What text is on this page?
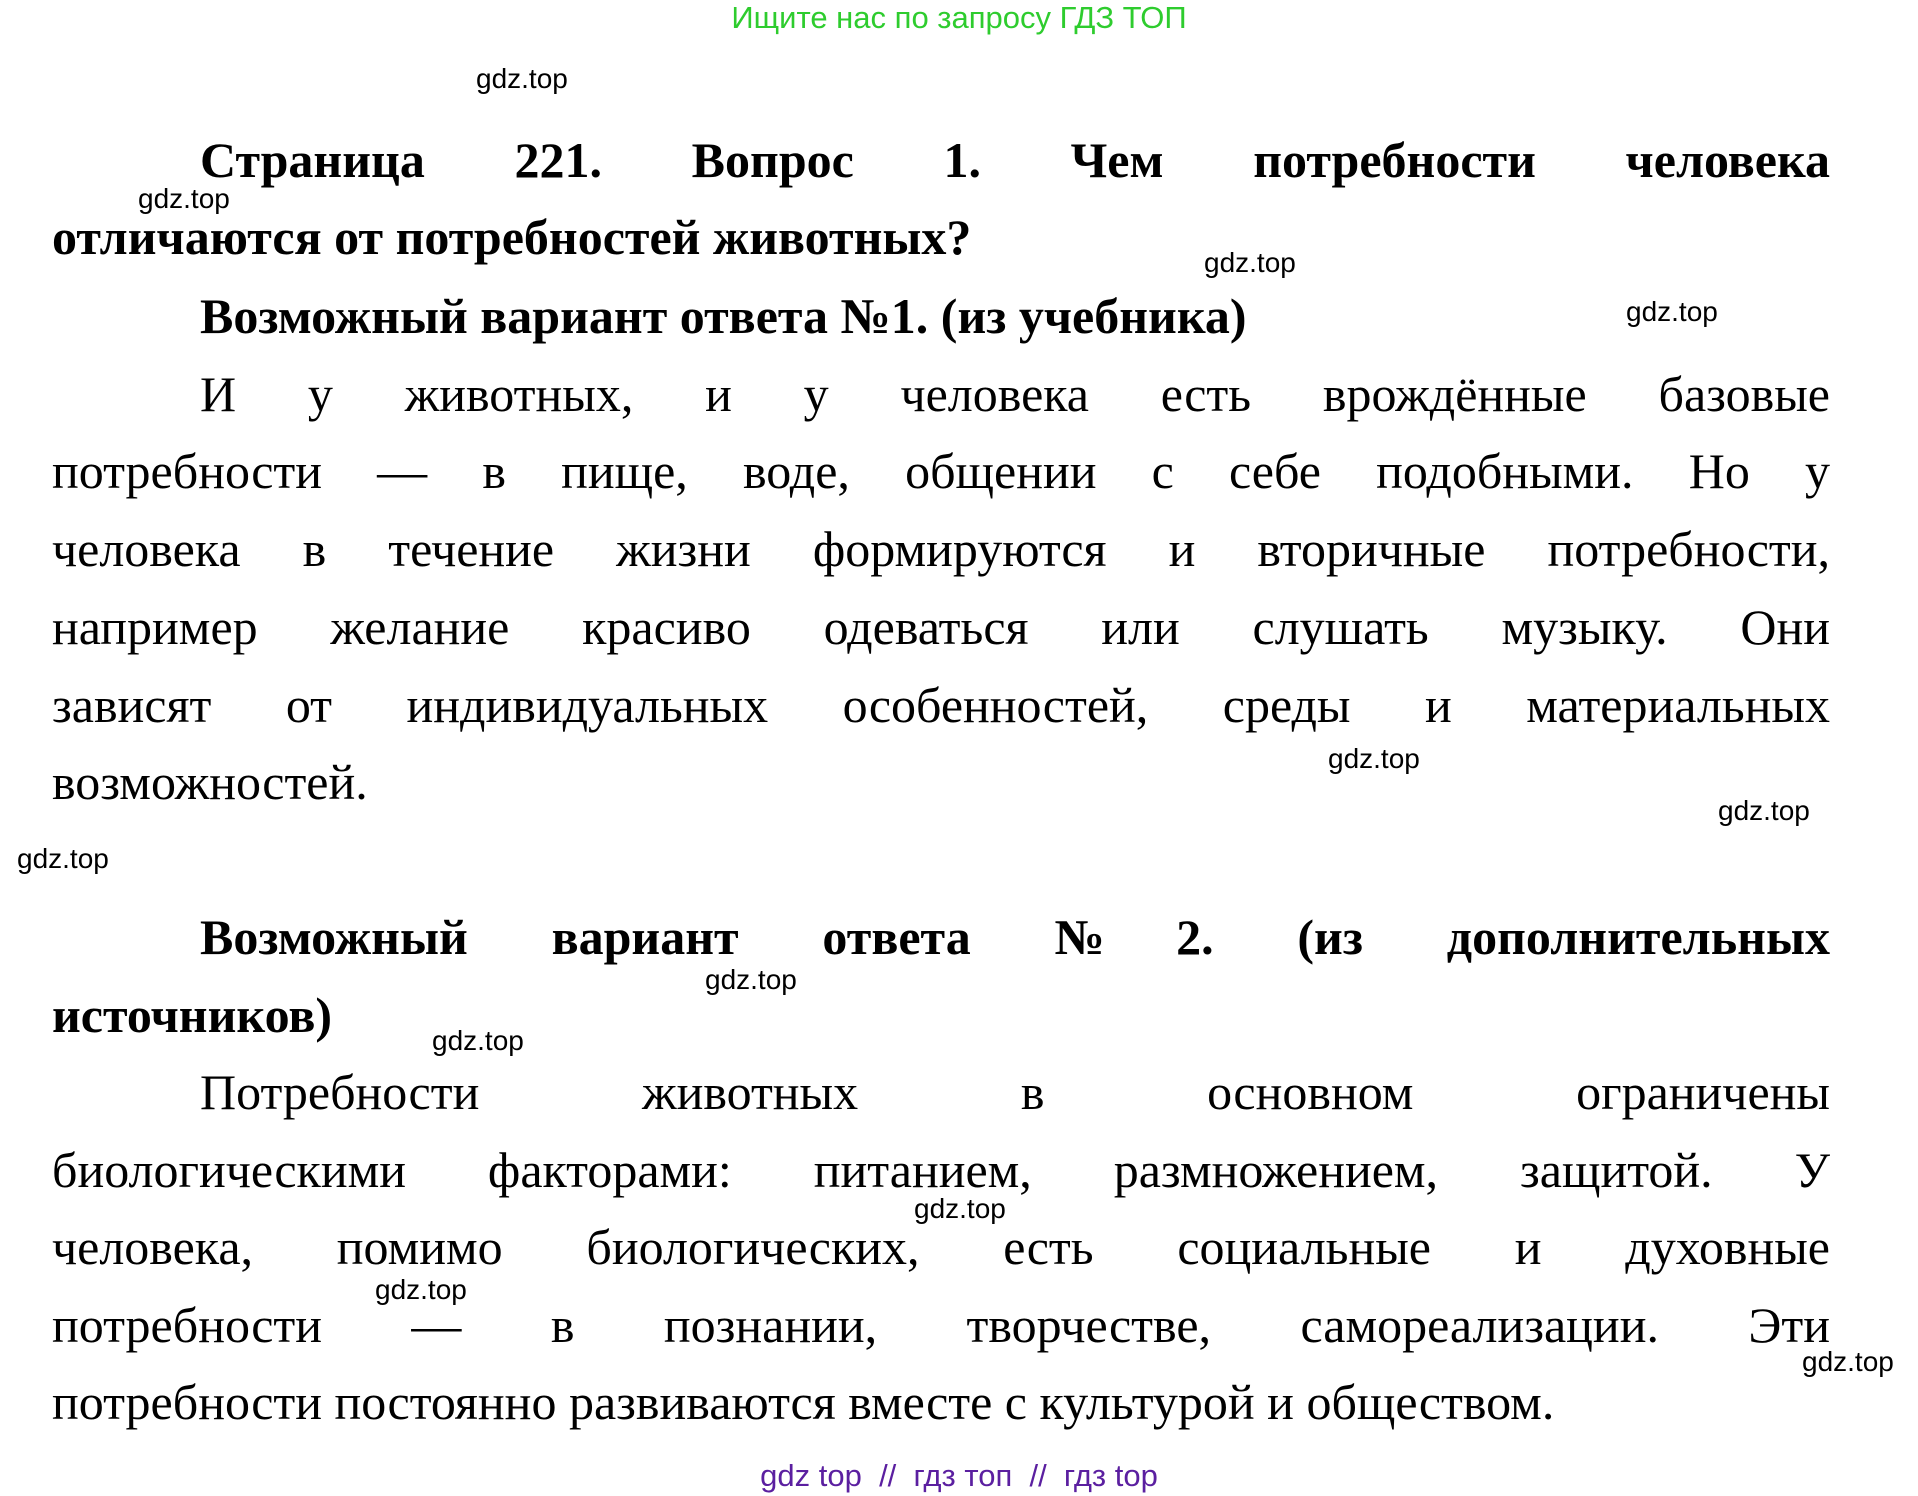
Ищите нас по запросу ГДЗ ТОП
Страница 221. Вопрос 1. Чем потребности человека
отличаются от потребностей животных?
Возможный вариант ответа №1. (из учебника)
И у животных, и у человека есть врождённые базовые
потребности — в пище, воде, общении с себе подобными. Но у
человека в течение жизни формируются и вторичные потребности,
например желание красиво одеваться или слушать музыку. Они
зависят от индивидуальных особенностей, среды и материальных
возможностей.
Возможный вариант ответа №2. (из дополнительных
источников)
Потребности животных в основном ограничены
биологическими факторами: питанием, размножением, защитой. У
человека, помимо биологических, есть социальные и духовные
потребности — в познании, творчестве, самореализации. Эти
потребности постоянно развиваются вместе с культурой и обществом.
gdz.top
gdz.top
gdz.top
gdz.top
gdz.top
gdz.top
gdz.top
gdz.top
gdz.top
gdz.top
gdz.top
gdz.top
gdz top  //  гдз топ  //  гдз top
